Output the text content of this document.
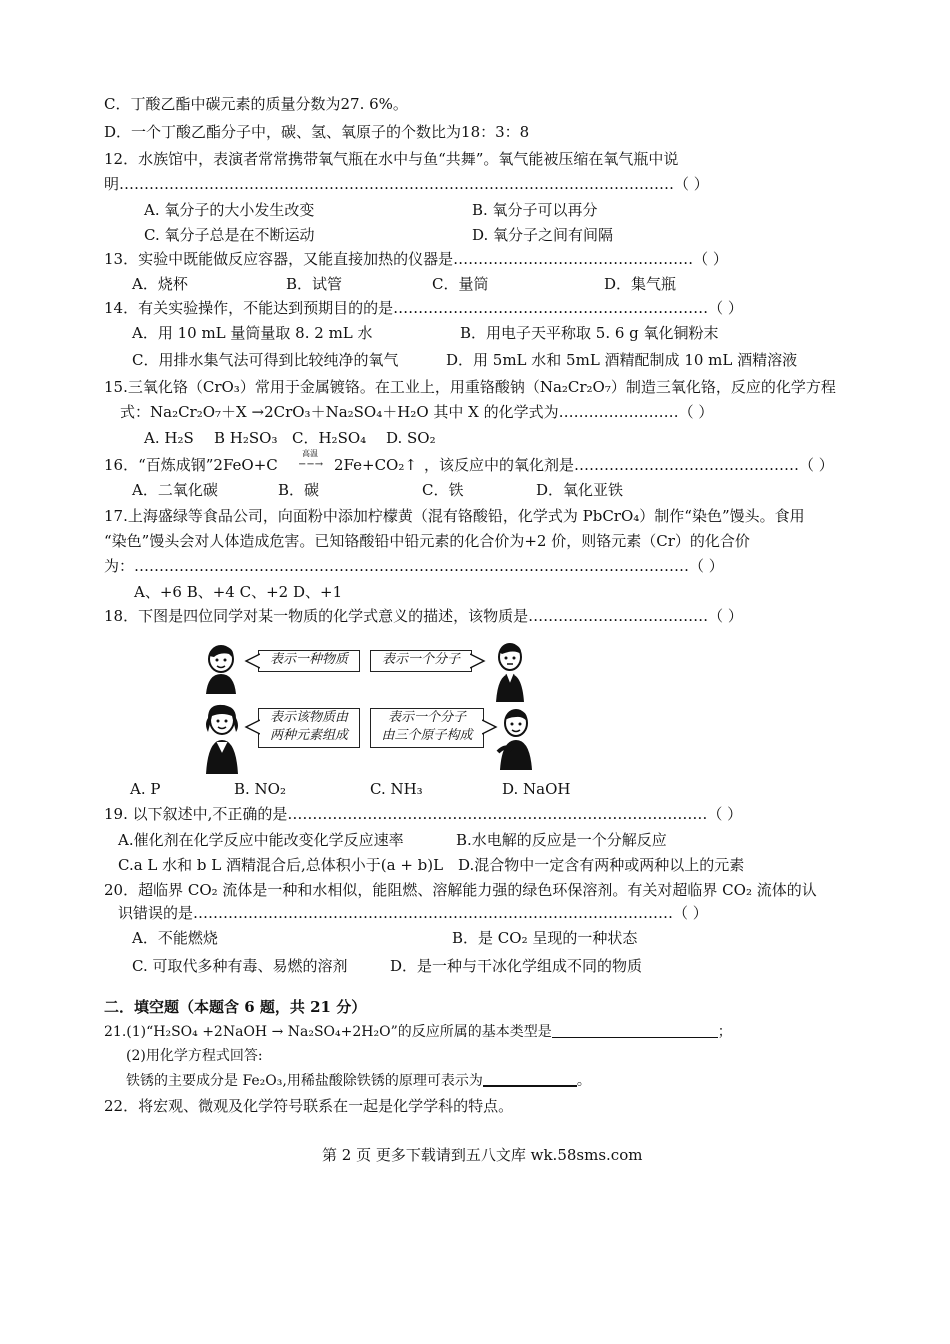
C．丁酸乙酯中碳元素的质量分数为27. 6%。
D．一个丁酸乙酯分子中，碳、氢、氧原子的个数比为18：3：8
12．水族馆中，表演者常常携带氧气瓶在水中与鱼“共舞”。氧气能被压缩在氧气瓶中说
明…………………………………………………………………………………………………（ ）
A. 氧分子的大小发生改变	B. 氧分子可以再分
C. 氧分子总是在不断运动	D. 氧分子之间有间隔
13．实验中既能做反应容器，又能直接加热的仪器是…………………………………………（ ）
A．烧杯	B．试管	C．量筒	D．集气瓶
14．有关实验操作，不能达到预期目的的是………………………………………………………（ ）
A．用 10 mL 量筒量取 8. 2 mL 水	B．用电子天平称取 5. 6 g 氧化铜粉末
C．用排水集气法可得到比较纯净的氧气	D．用 5mL 水和 5mL 酒精配制成 10 mL 酒精溶液
15.三氧化铬（CrO₃）常用于金属镀铬。在工业上，用重铬酸钠（Na₂Cr₂O₇）制造三氧化铬，反应的化学方程
式：Na₂Cr₂O₇＋X →2CrO₃＋Na₂SO₄＋H₂O 其中 X 的化学式为……………………（ ）
A. H₂S B H₂SO₃ C．H₂SO₄ D. SO₂
16．“百炼成钢”2FeO+C
高温
−−→ 2Fe+CO₂↑ ，该反应中的氧化剂是………………………………………（ ）
A．二氧化碳	B．碳	C．铁	D．氧化亚铁
17.上海盛绿等食品公司，向面粉中添加柠檬黄（混有铬酸铅，化学式为 PbCrO₄）制作“染色”馒头。食用
“染色”馒头会对人体造成危害。已知铬酸铅中铅元素的化合价为+2 价，则铬元素（Cr）的化合价
为：…………………………………………………………………………………………………（ ）
A、+6 B、+4 C、+2 D、+1
18．下图是四位同学对某一物质的化学式意义的描述，该物质是………………………………（ ）
表示一种物质	表示一个分子
表示该物质由
两种元素组成
表示一个分子
由三个原子构成
A. P	B. NO₂	C. NH₃	D. NaOH
19. 以下叙述中,不正确的是…………………………………………………………………………（ ）
A.催化剂在化学反应中能改变化学反应速率	B.水电解的反应是一个分解反应
C.a L 水和 b L 酒精混合后,总体积小于(a + b)L D.混合物中一定含有两种或两种以上的元素
20．超临界 CO₂ 流体是一种和水相似，能阻燃、溶解能力强的绿色环保溶剂。有关对超临界 CO₂ 流体的认
识错误的是……………………………………………………………………………………（ ）
A．不能燃烧	B．是 CO₂ 呈现的一种状态
C. 可取代多种有毒、易燃的溶剂	D．是一种与干冰化学组成不同的物质
二．填空题（本题含 6 题，共 21 分）
21.(1)“H₂SO₄ +2NaOH → Na₂SO₄+2H₂O”的反应所属的基本类型是	；
(2)用化学方程式回答:
铁锈的主要成分是 Fe₂O₃,用稀盐酸除铁锈的原理可表示为	。
22．将宏观、微观及化学符号联系在一起是化学学科的特点。
第 2 页 更多下载请到五八文库 wk.58sms.com
